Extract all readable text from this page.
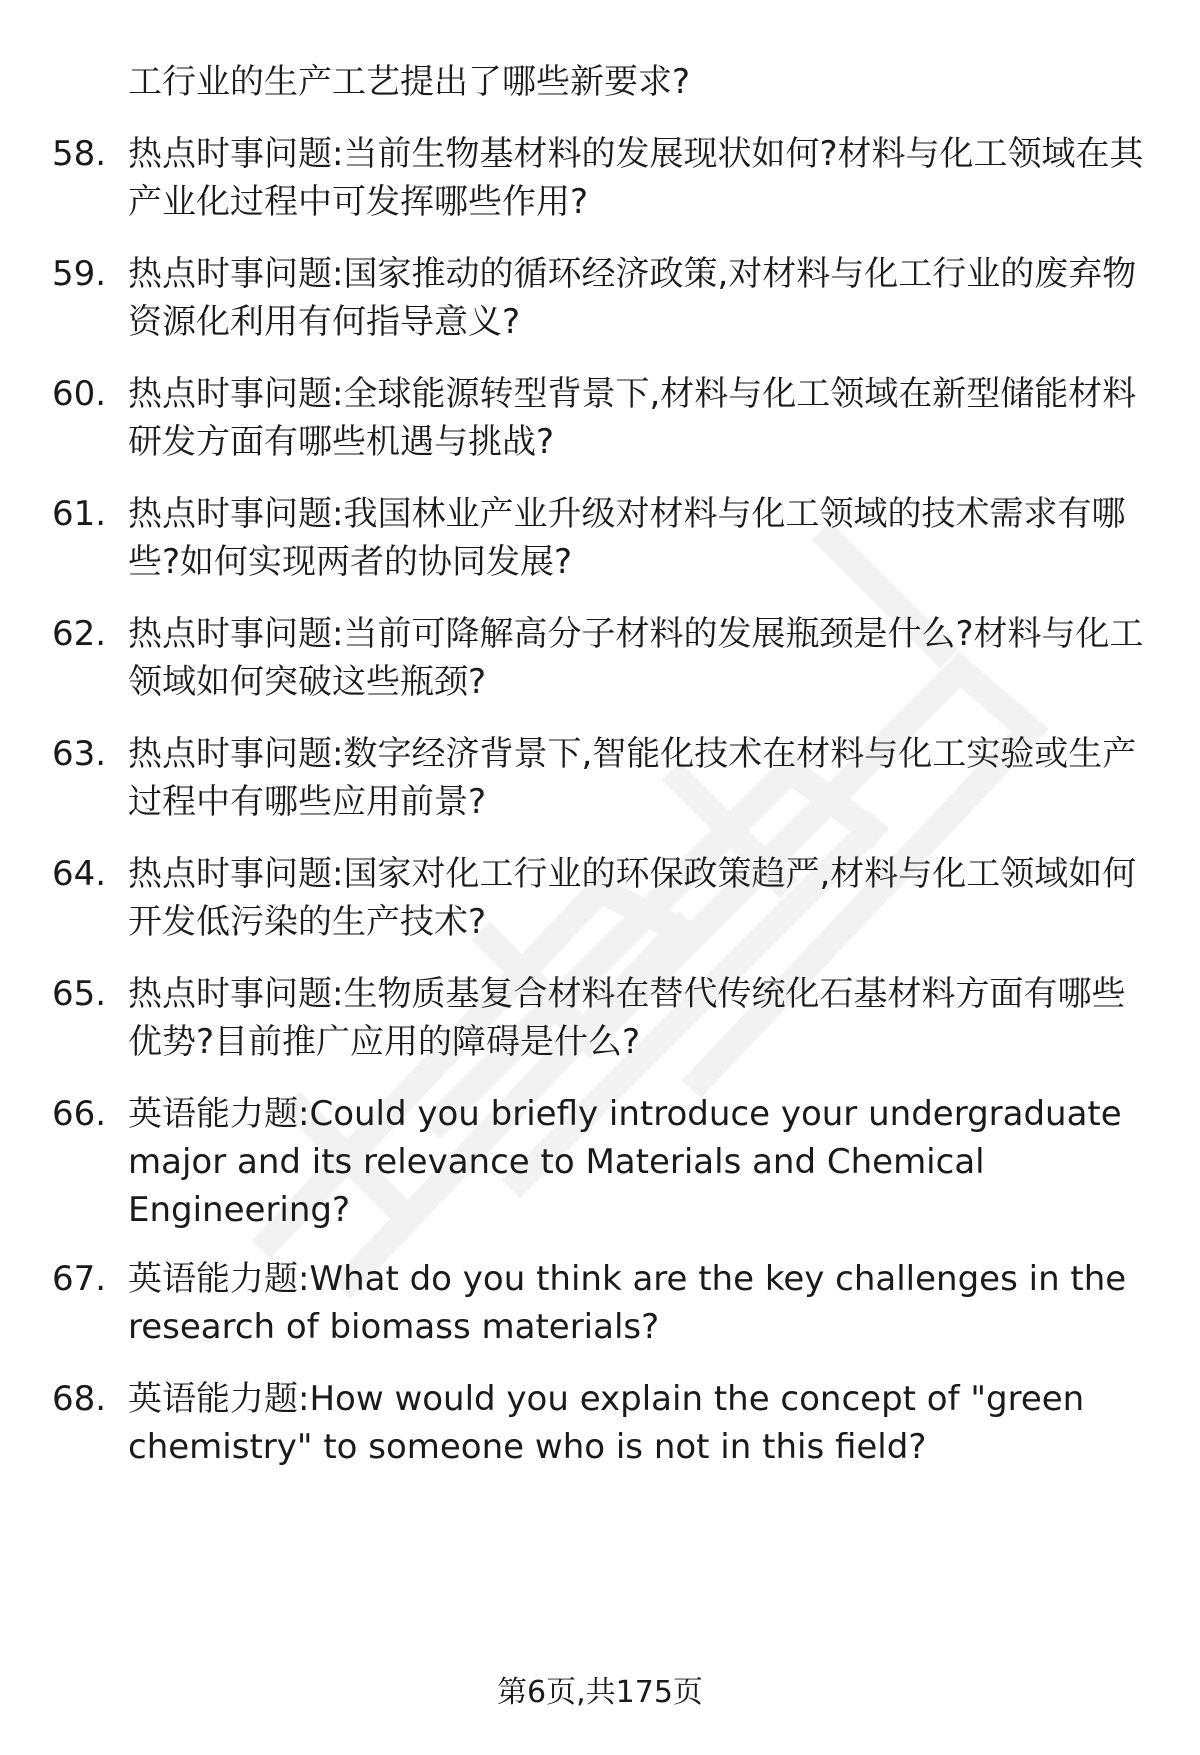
工行业的生产工艺提出了哪些新要求?
58. 热点时事问题:当前生物基材料的发展现状如何?材料与化工领域在其产业化过程中可发挥哪些作用?
59. 热点时事问题:国家推动的循环经济政策,对材料与化工行业的废弃物资源化利用有何指导意义?
60. 热点时事问题:全球能源转型背景下,材料与化工领域在新型储能材料研发方面有哪些机遇与挑战?
61. 热点时事问题:我国林业产业升级对材料与化工领域的技术需求有哪些?如何实现两者的协同发展?
62. 热点时事问题:当前可降解高分子材料的发展瓶颈是什么?材料与化工领域如何突破这些瓶颈?
63. 热点时事问题:数字经济背景下,智能化技术在材料与化工实验或生产过程中有哪些应用前景?
64. 热点时事问题:国家对化工行业的环保政策趋严,材料与化工领域如何开发低污染的生产技术?
65. 热点时事问题:生物质基复合材料在替代传统化石基材料方面有哪些优势?目前推广应用的障碍是什么?
66. 英语能力题:Could you briefly introduce your undergraduate major and its relevance to Materials and Chemical Engineering?
67. 英语能力题:What do you think are the key challenges in the research of biomass materials?
68. 英语能力题:How would you explain the concept of "green chemistry" to someone who is not in this field?
第6页,共175页
